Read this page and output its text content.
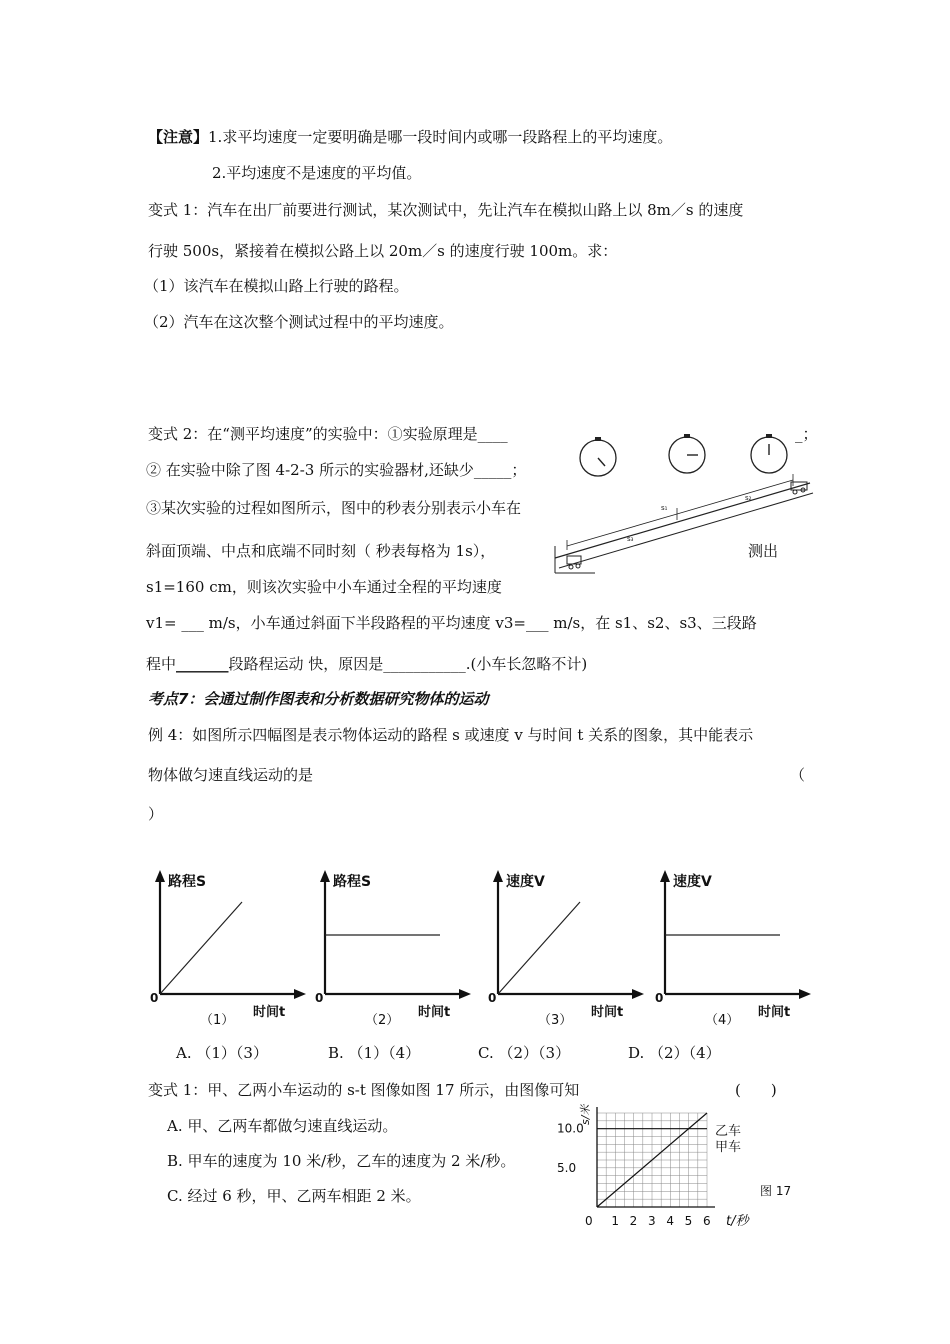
【注意】1.求平均速度一定要明确是哪一段时间内或哪一段路程上的平均速度。
2.平均速度不是速度的平均值。
变式 1：汽车在出厂前要进行测试，某次测试中，先让汽车在模拟山路上以 8m／s 的速度
行驶 500s，紧接着在模拟公路上以 20m／s 的速度行驶 100m。求：
（1）该汽车在模拟山路上行驶的路程。
（2）汽车在这次整个测试过程中的平均速度。
变式 2：在“测平均速度”的实验中：①实验原理是____	_；
② 在实验中除了图 4-2-3 所示的实验器材,还缺少_____；
③某次实验的过程如图所示，图中的秒表分别表示小车在
斜面顶端、中点和底端不同时刻（ 秒表每格为 1s），	测出
s1=160 cm，则该次实验中小车通过全程的平均速度
v1= ___ m/s，小车通过斜面下半段路程的平均速度 v3=___ m/s，在 s1、s2、s3、三段路
程中_______段路程运动 快，原因是___________.(小车长忽略不计)
s₁
s₂
s₃
考点7：会通过制作图表和分析数据研究物体的运动
例 4：如图所示四幅图是表示物体运动的路程 s 或速度 v 与时间 t 关系的图象，其中能表示
物体做匀速直线运动的是	（
）
路程S
0
时间t
（1）
路程S
0
时间t
（2）
速度V
0
时间t
（3）
速度V
0
时间t
（4）
A. （1）（3）	B. （1）（4）	C. （2）（3）	D. （2）（4）
变式 1：甲、乙两小车运动的 s-t 图像如图 17 所示，由图像可知	(　　)
A. 甲、乙两车都做匀速直线运动。
B. 甲车的速度为 10 米/秒，乙车的速度为 2 米/秒。
C. 经过 6 秒，甲、乙两车相距 2 米。
乙车
甲车
1 2 3 4 5 6
5.0
10.0
0	t/秒
s/米
图 17
